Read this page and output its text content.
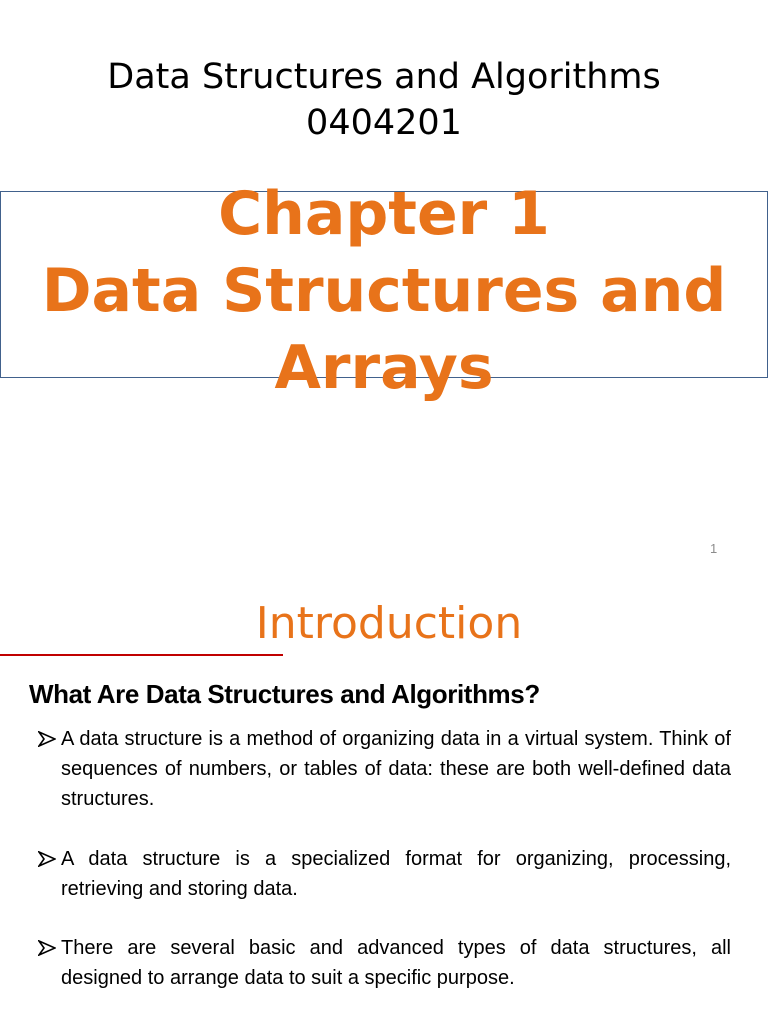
Data Structures and Algorithms
0404201
Chapter 1
Data Structures and
Arrays
1
Introduction
What Are Data Structures and Algorithms?
A data structure is a method of organizing data in a virtual system. Think of sequences of numbers, or tables of data: these are both well-defined data structures.
A data structure is a specialized format for organizing, processing, retrieving and storing data.
There are several basic and advanced types of data structures, all designed to arrange data to suit a specific purpose.
